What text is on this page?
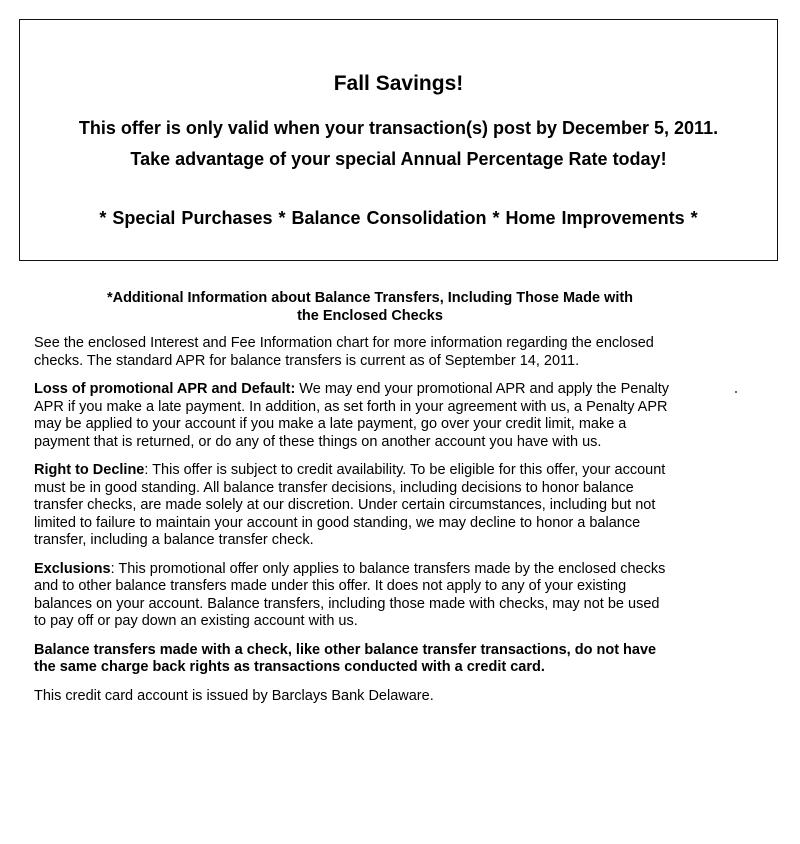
Fall Savings!

This offer is only valid when your transaction(s) post by December 5, 2011.

Take advantage of your special Annual Percentage Rate today!

* Special Purchases * Balance Consolidation * Home Improvements *

*Additional Information about Balance Transfers, Including Those Made with
the Enclosed Checks

See the enclosed Interest and Fee Information chart for more information regarding the enclosed checks. The standard APR for balance transfers is current as of September 14, 2011.

Loss of promotional APR and Default: We may end your promotional APR and apply the Penalty APR if you make a late payment. In addition, as set forth in your agreement with us, a Penalty APR may be applied to your account if you make a late payment, go over your credit limit, make a payment that is returned, or do any of these things on another account you have with us.

Right to Decline: This offer is subject to credit availability. To be eligible for this offer, your account must be in good standing. All balance transfer decisions, including decisions to honor balance transfer checks, are made solely at our discretion. Under certain circumstances, including but not limited to failure to maintain your account in good standing, we may decline to honor a balance transfer, including a balance transfer check.

Exclusions: This promotional offer only applies to balance transfers made by the enclosed checks and to other balance transfers made under this offer. It does not apply to any of your existing balances on your account. Balance transfers, including those made with checks, may not be used to pay off or pay down an existing account with us.

Balance transfers made with a check, like other balance transfer transactions, do not have the same charge back rights as transactions conducted with a credit card.

This credit card account is issued by Barclays Bank Delaware.
